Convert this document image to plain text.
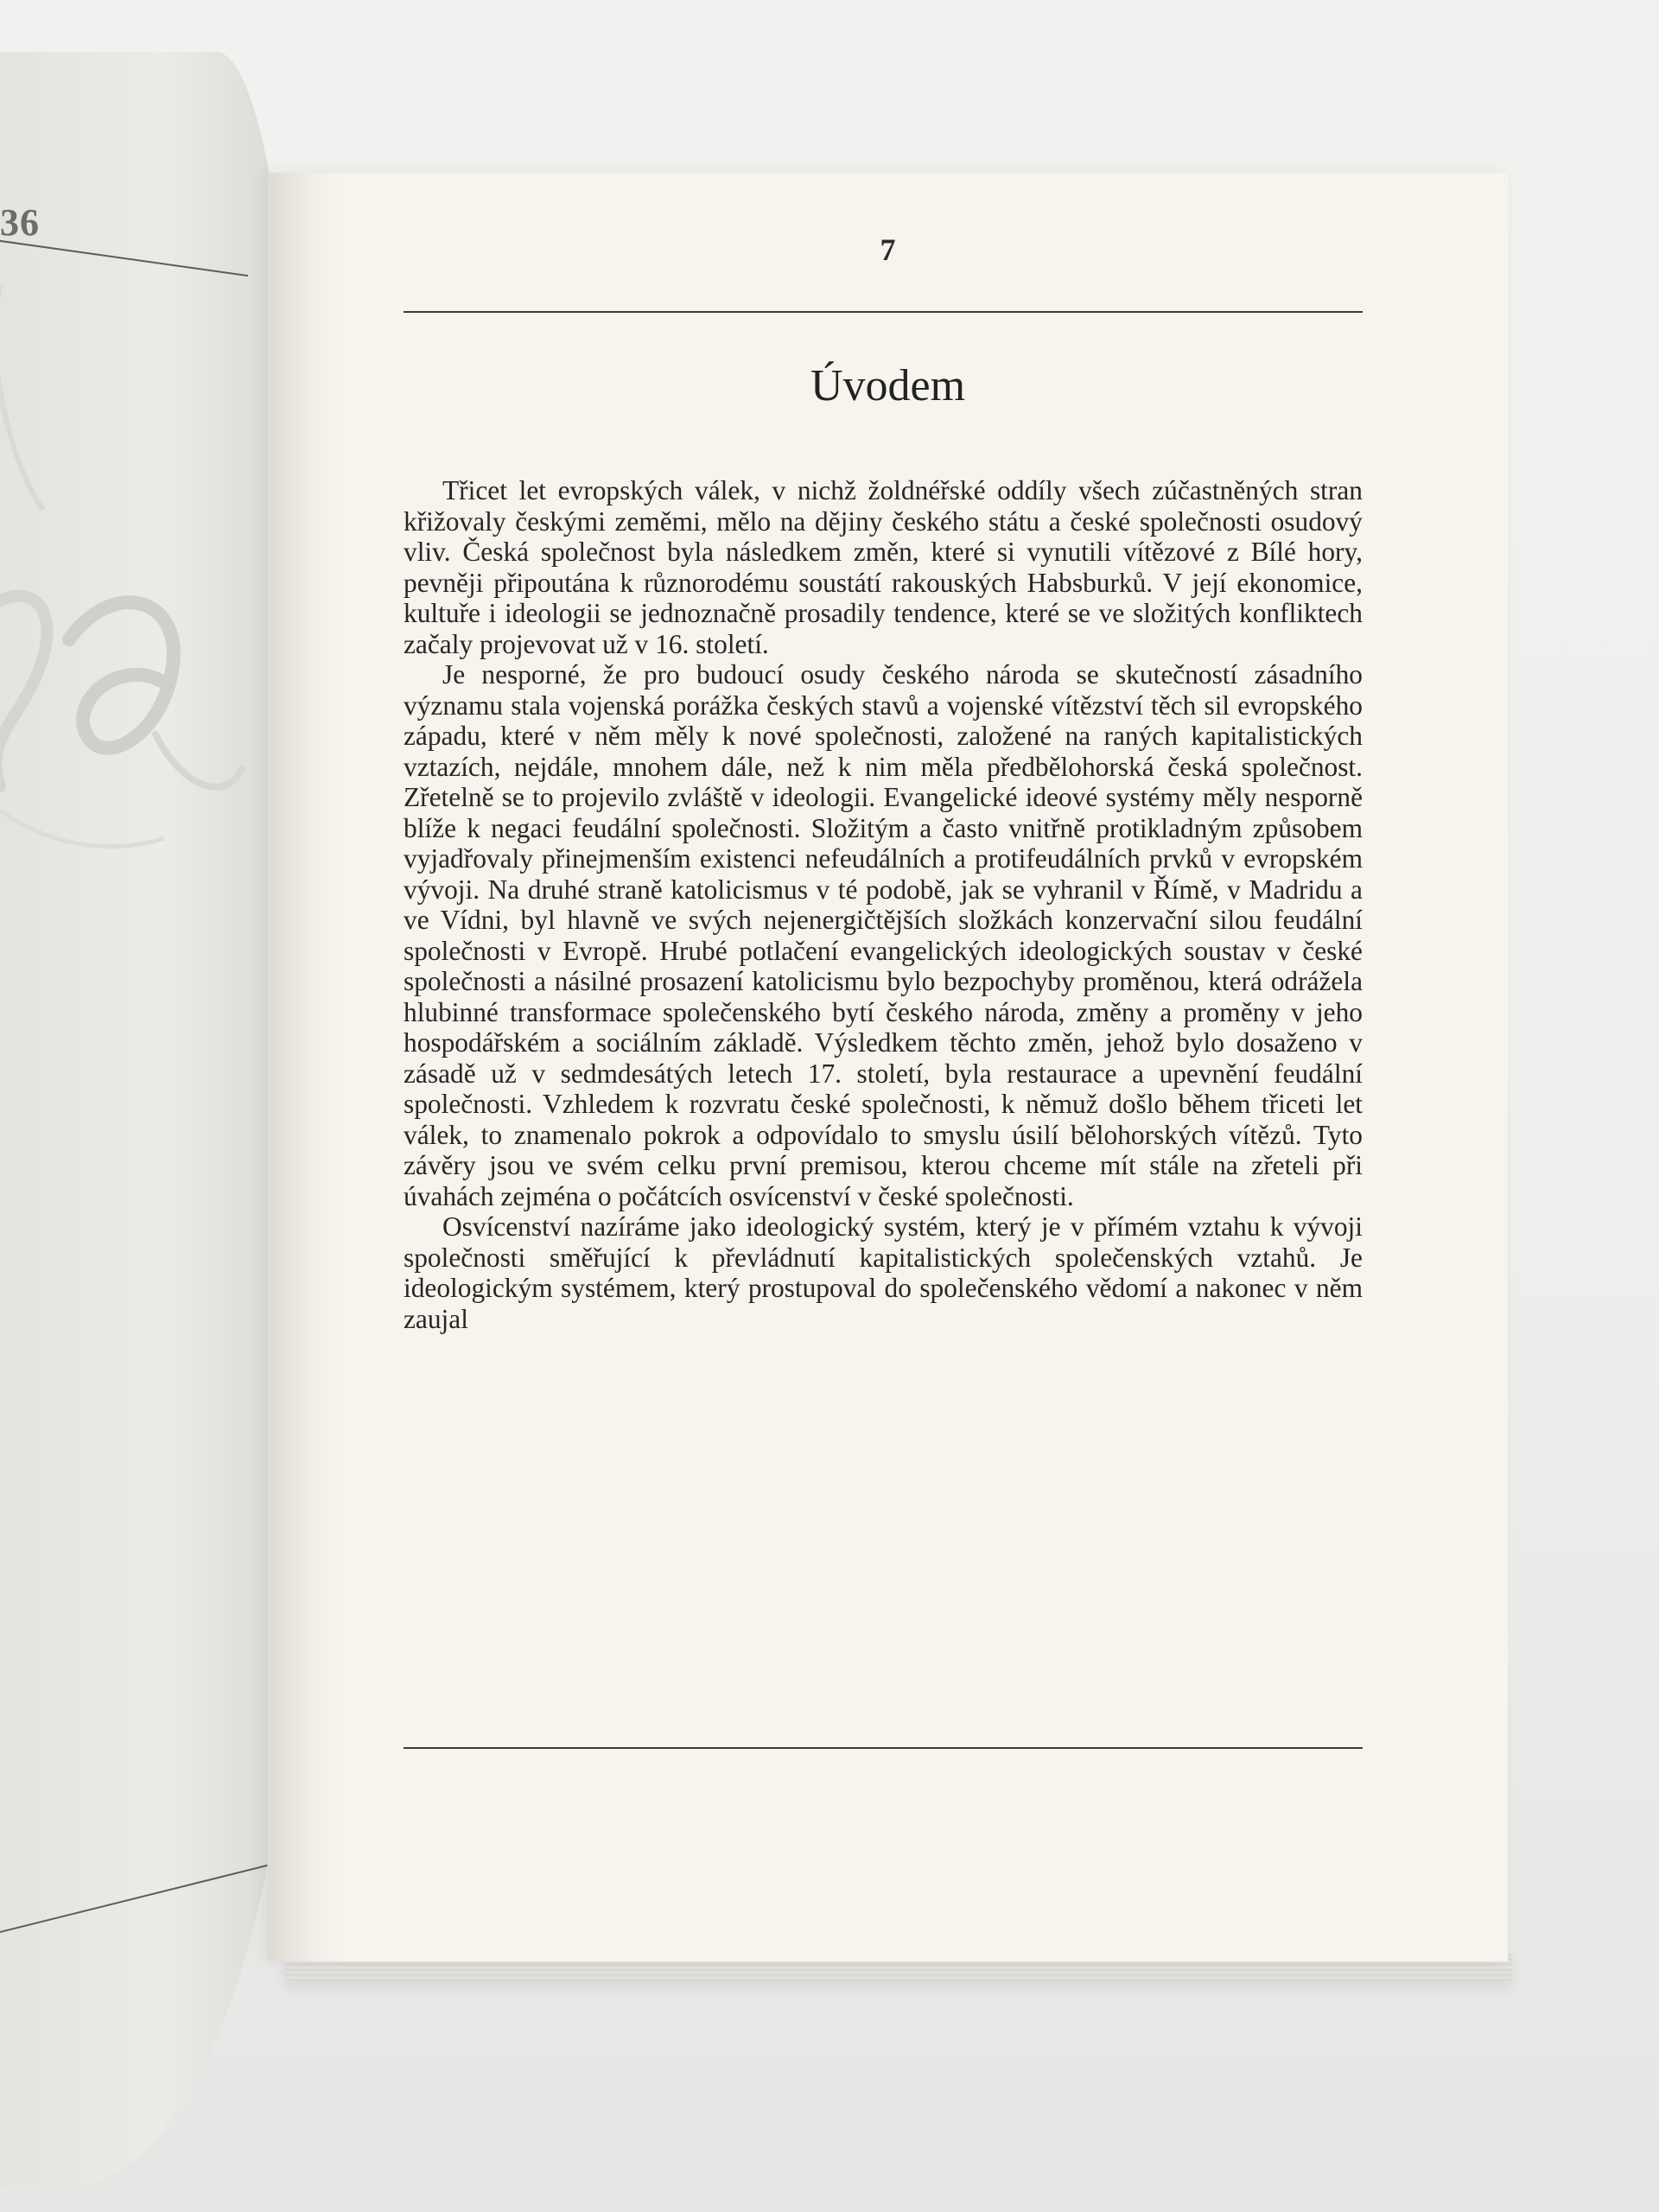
36
7
Úvodem

Třicet let evropských válek, v nichž žoldnéřské oddíly všech zúčastněných stran křižovaly českými zeměmi, mělo na dějiny českého státu a české společnosti osudový vliv. Česká společnost byla následkem změn, které si vynutili vítězové z Bílé hory, pevněji připoutána k různorodému soustátí rakouských Habsburků. V její ekonomice, kultuře i ideologii se jednoznačně prosadily tendence, které se ve složitých konfliktech začaly projevovat už v 16. století.

Je nesporné, že pro budoucí osudy českého národa se skutečností zásadního významu stala vojenská porážka českých stavů a vojenské vítězství těch sil evropského západu, které v něm měly k nové společnosti, založené na raných kapitalistických vztazích, nejdále, mnohem dále, než k nim měla předbělohorská česká společnost. Zřetelně se to projevilo zvláště v ideologii. Evangelické ideové systémy měly nesporně blíže k negaci feudální společnosti. Složitým a často vnitřně protikladným způsobem vyjadřovaly přinejmenším existenci nefeudálních a protifeudálních prvků v evropském vývoji. Na druhé straně katolicismus v té podobě, jak se vyhranil v Římě, v Madridu a ve Vídni, byl hlavně ve svých nejenergičtějších složkách konzervační silou feudální společnosti v Evropě. Hrubé potlačení evangelických ideologických soustav v české společnosti a násilné prosazení katolicismu bylo bezpochyby proměnou, která odrážela hlubinné transformace společenského bytí českého národa, změny a proměny v jeho hospodářském a sociálním základě. Výsledkem těchto změn, jehož bylo dosaženo v zásadě už v sedmdesátých letech 17. století, byla restaurace a upevnění feudální společnosti. Vzhledem k rozvratu české společnosti, k němuž došlo během třiceti let válek, to znamenalo pokrok a odpovídalo to smyslu úsilí bělohorských vítězů. Tyto závěry jsou ve svém celku první premisou, kterou chceme mít stále na zřeteli při úvahách zejména o počátcích osvícenství v české společnosti.

Osvícenství nazíráme jako ideologický systém, který je v přímém vztahu k vývoji společnosti směřující k převládnutí kapitalistických společenských vztahů. Je ideologickým systémem, který prostupoval do společenského vědomí a nakonec v něm zaujal
